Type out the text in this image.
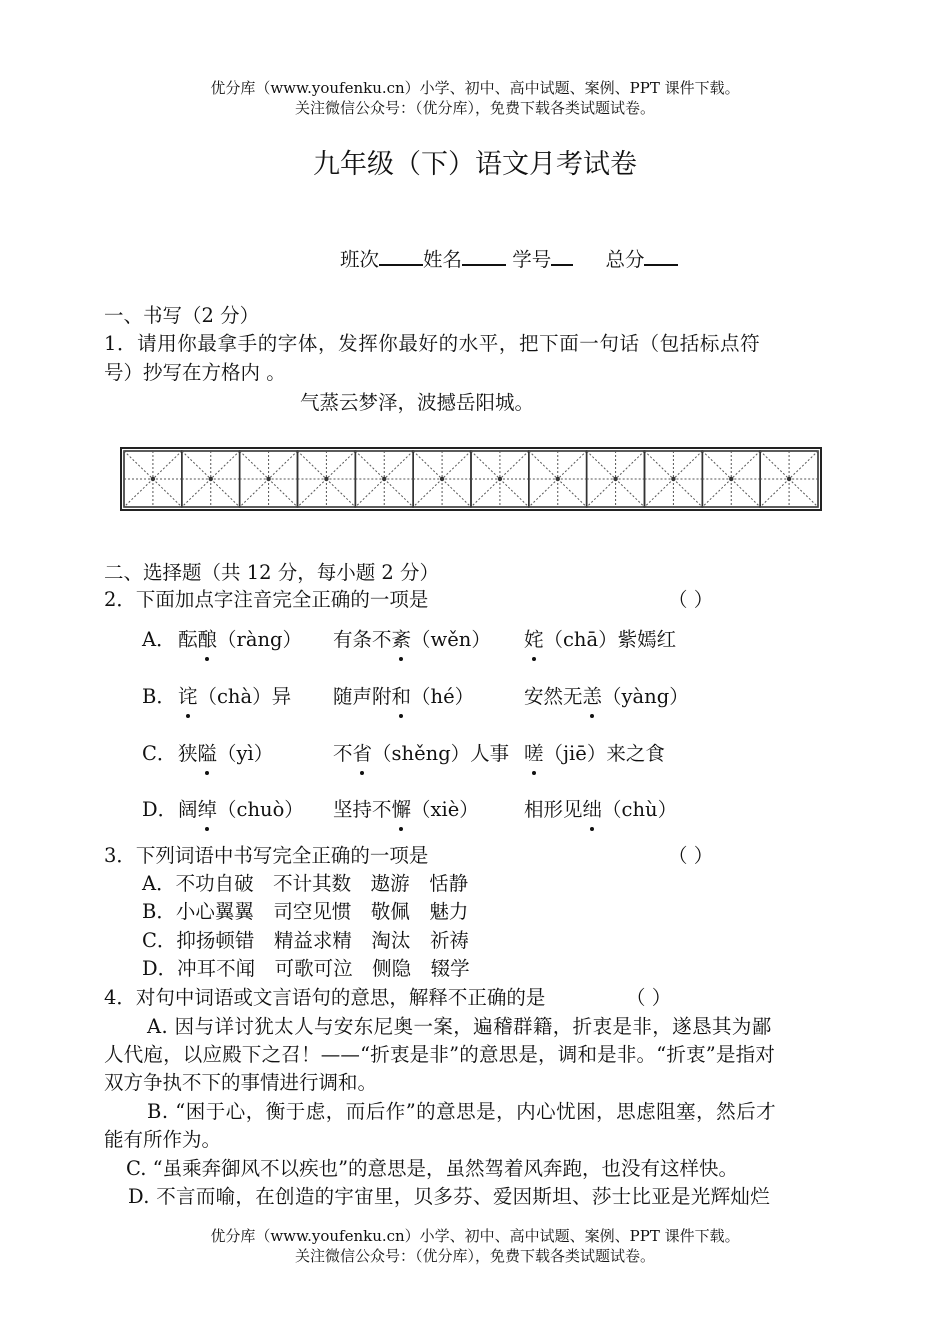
优分库（www.youfenku.cn）小学、初中、高中试题、案例、PPT 课件下载。
关注微信公众号：（优分库），免费下载各类试题试卷。
九年级（下）语文月考试卷
班次 姓名	学号	总分
一、书写（2 分）
1．请用你最拿手的字体，发挥你最好的水平，把下面一句话（包括标点符
号）抄写在方格内 。
气蒸云梦泽，波撼岳阳城。
二、选择题（共 12 分，每小题 2 分）
2．下面加点字注音完全正确的一项是	（ ）
A． 酝酿（ràng） 有条不紊（wěn） 姹（chā）紫嫣红
B． 诧（chà）异 随声附和（hé）	安然无恙（yàng）
C． 狭隘（yì）	不省（shěng）人事 嗟（jiē）来之食
D． 阔绰（chuò） 坚持不懈（xiè） 相形见绌（chù）
3．下列词语中书写完全正确的一项是	（ ）
A．不功自破　不计其数　遨游　恬静
B．小心翼翼　司空见惯　敬佩　魅力
C．抑扬顿错　精益求精　淘汰　祈祷
D．冲耳不闻　可歌可泣　侧隐　辍学
4．对句中词语或文言语句的意思，解释不正确的是	（ ）
A. 因与详讨犹太人与安东尼奥一案，遍稽群籍，折衷是非，遂恳其为鄙
人代庖，以应殿下之召！——“折衷是非”的意思是，调和是非。“折衷”是指对
双方争执不下的事情进行调和。
B. “困于心，衡于虑，而后作”的意思是，内心忧困，思虑阻塞，然后才
能有所作为。
C. “虽乘奔御风不以疾也”的意思是，虽然驾着风奔跑，也没有这样快。
D. 不言而喻，在创造的宇宙里，贝多芬、爱因斯坦、莎士比亚是光辉灿烂
优分库（www.youfenku.cn）小学、初中、高中试题、案例、PPT 课件下载。
关注微信公众号：（优分库），免费下载各类试题试卷。
